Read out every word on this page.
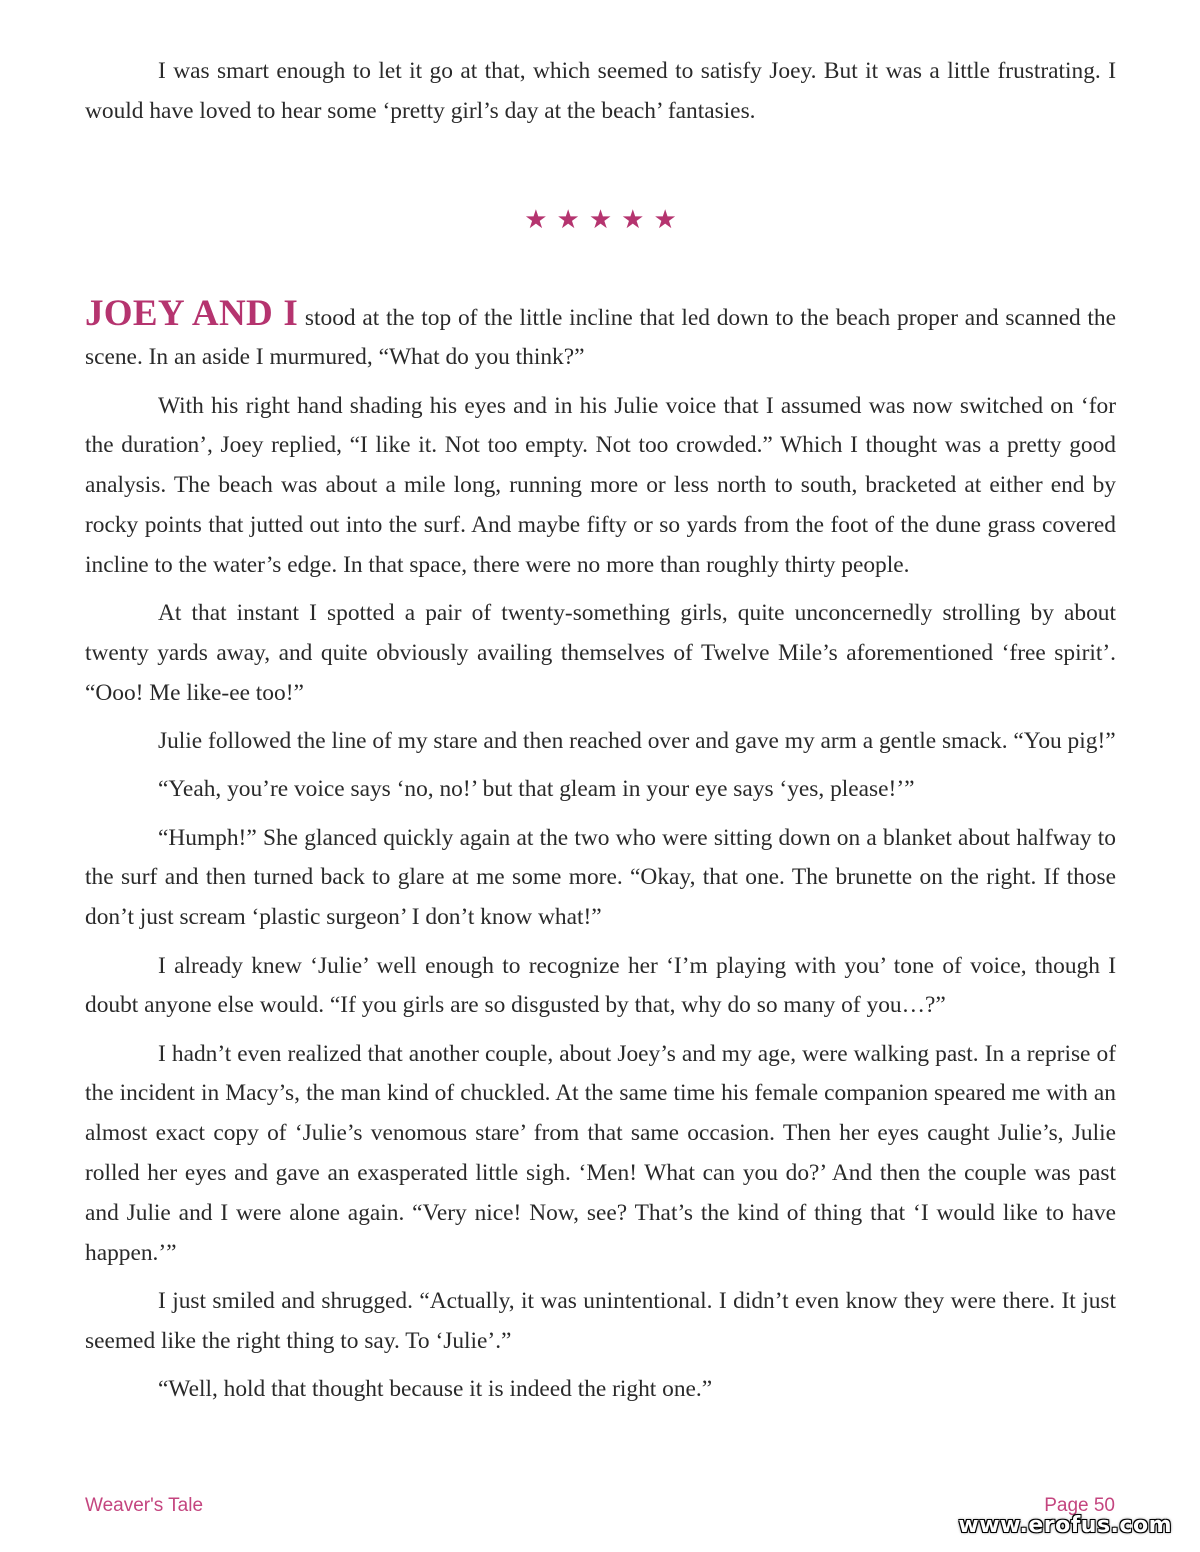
I was smart enough to let it go at that, which seemed to satisfy Joey. But it was a little frustrating. I would have loved to hear some ‘pretty girl’s day at the beach’ fantasies.

★★★★★

JOEY AND I stood at the top of the little incline that led down to the beach proper and scanned the scene. In an aside I murmured, “What do you think?”

With his right hand shading his eyes and in his Julie voice that I assumed was now switched on ‘for the duration’, Joey replied, “I like it. Not too empty. Not too crowded.” Which I thought was a pretty good analysis. The beach was about a mile long, running more or less north to south, bracketed at either end by rocky points that jutted out into the surf. And maybe fifty or so yards from the foot of the dune grass covered incline to the water’s edge. In that space, there were no more than roughly thirty people.

At that instant I spotted a pair of twenty-something girls, quite unconcernedly strolling by about twenty yards away, and quite obviously availing themselves of Twelve Mile’s aforementioned ‘free spirit’. “Ooo! Me like-ee too!”

Julie followed the line of my stare and then reached over and gave my arm a gentle smack. “You pig!”

“Yeah, you’re voice says ‘no, no!’ but that gleam in your eye says ‘yes, please!’”

“Humph!” She glanced quickly again at the two who were sitting down on a blanket about halfway to the surf and then turned back to glare at me some more. “Okay, that one. The brunette on the right. If those don’t just scream ‘plastic surgeon’ I don’t know what!”

I already knew ‘Julie’ well enough to recognize her ‘I’m playing with you’ tone of voice, though I doubt anyone else would. “If you girls are so disgusted by that, why do so many of you…?”

I hadn’t even realized that another couple, about Joey’s and my age, were walking past. In a reprise of the incident in Macy’s, the man kind of chuckled. At the same time his female companion speared me with an almost exact copy of ‘Julie’s venomous stare’ from that same occasion. Then her eyes caught Julie’s, Julie rolled her eyes and gave an exasperated little sigh. ‘Men! What can you do?’ And then the couple was past and Julie and I were alone again. “Very nice! Now, see? That’s the kind of thing that ‘I would like to have happen.’”

I just smiled and shrugged. “Actually, it was unintentional. I didn’t even know they were there. It just seemed like the right thing to say. To ‘Julie’.”

“Well, hold that thought because it is indeed the right one.”

Weaver's Tale	Page 50
www.erofus.com
